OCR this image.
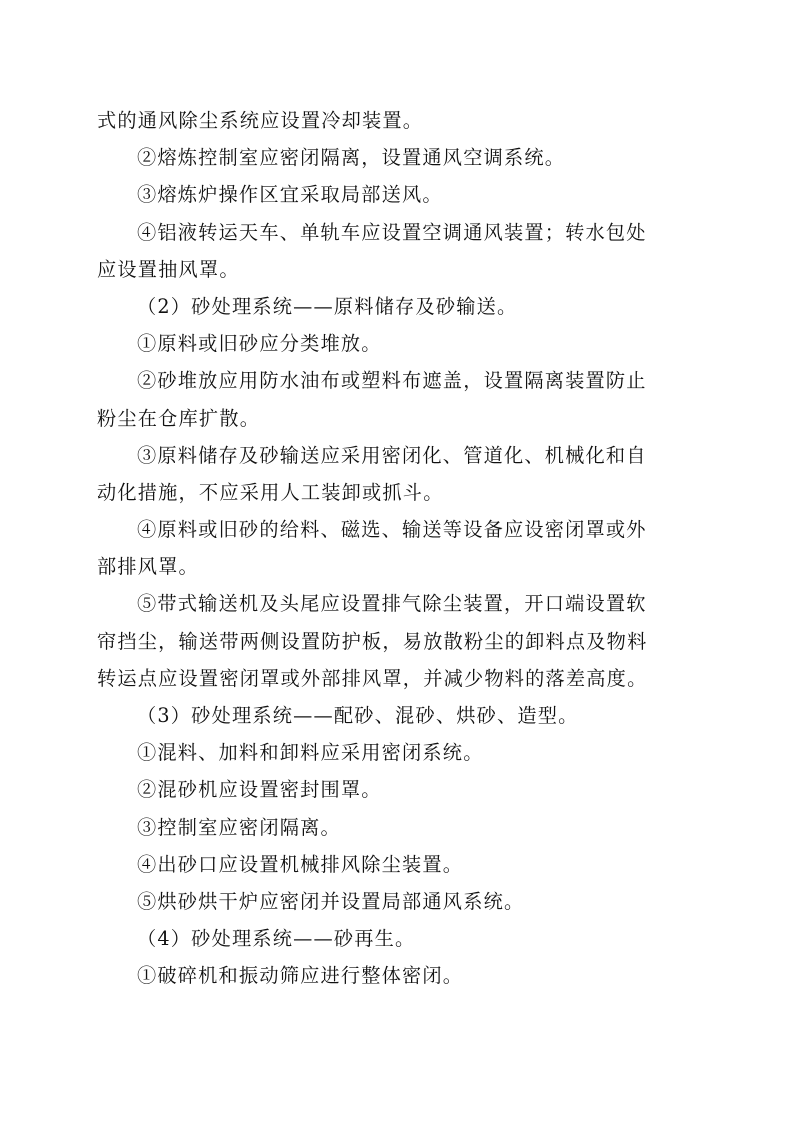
式的通风除尘系统应设置冷却装置。
②熔炼控制室应密闭隔离，设置通风空调系统。
③熔炼炉操作区宜采取局部送风。
④铝液转运天车、单轨车应设置空调通风装置；转水包处
应设置抽风罩。
（2）砂处理系统——原料储存及砂输送。
①原料或旧砂应分类堆放。
②砂堆放应用防水油布或塑料布遮盖，设置隔离装置防止
粉尘在仓库扩散。
③原料储存及砂输送应采用密闭化、管道化、机械化和自
动化措施，不应采用人工装卸或抓斗。
④原料或旧砂的给料、磁选、输送等设备应设密闭罩或外
部排风罩。
⑤带式输送机及头尾应设置排气除尘装置，开口端设置软
帘挡尘，输送带两侧设置防护板，易放散粉尘的卸料点及物料
转运点应设置密闭罩或外部排风罩，并减少物料的落差高度。
（3）砂处理系统——配砂、混砂、烘砂、造型。
①混料、加料和卸料应采用密闭系统。
②混砂机应设置密封围罩。
③控制室应密闭隔离。
④出砂口应设置机械排风除尘装置。
⑤烘砂烘干炉应密闭并设置局部通风系统。
（4）砂处理系统——砂再生。
①破碎机和振动筛应进行整体密闭。
